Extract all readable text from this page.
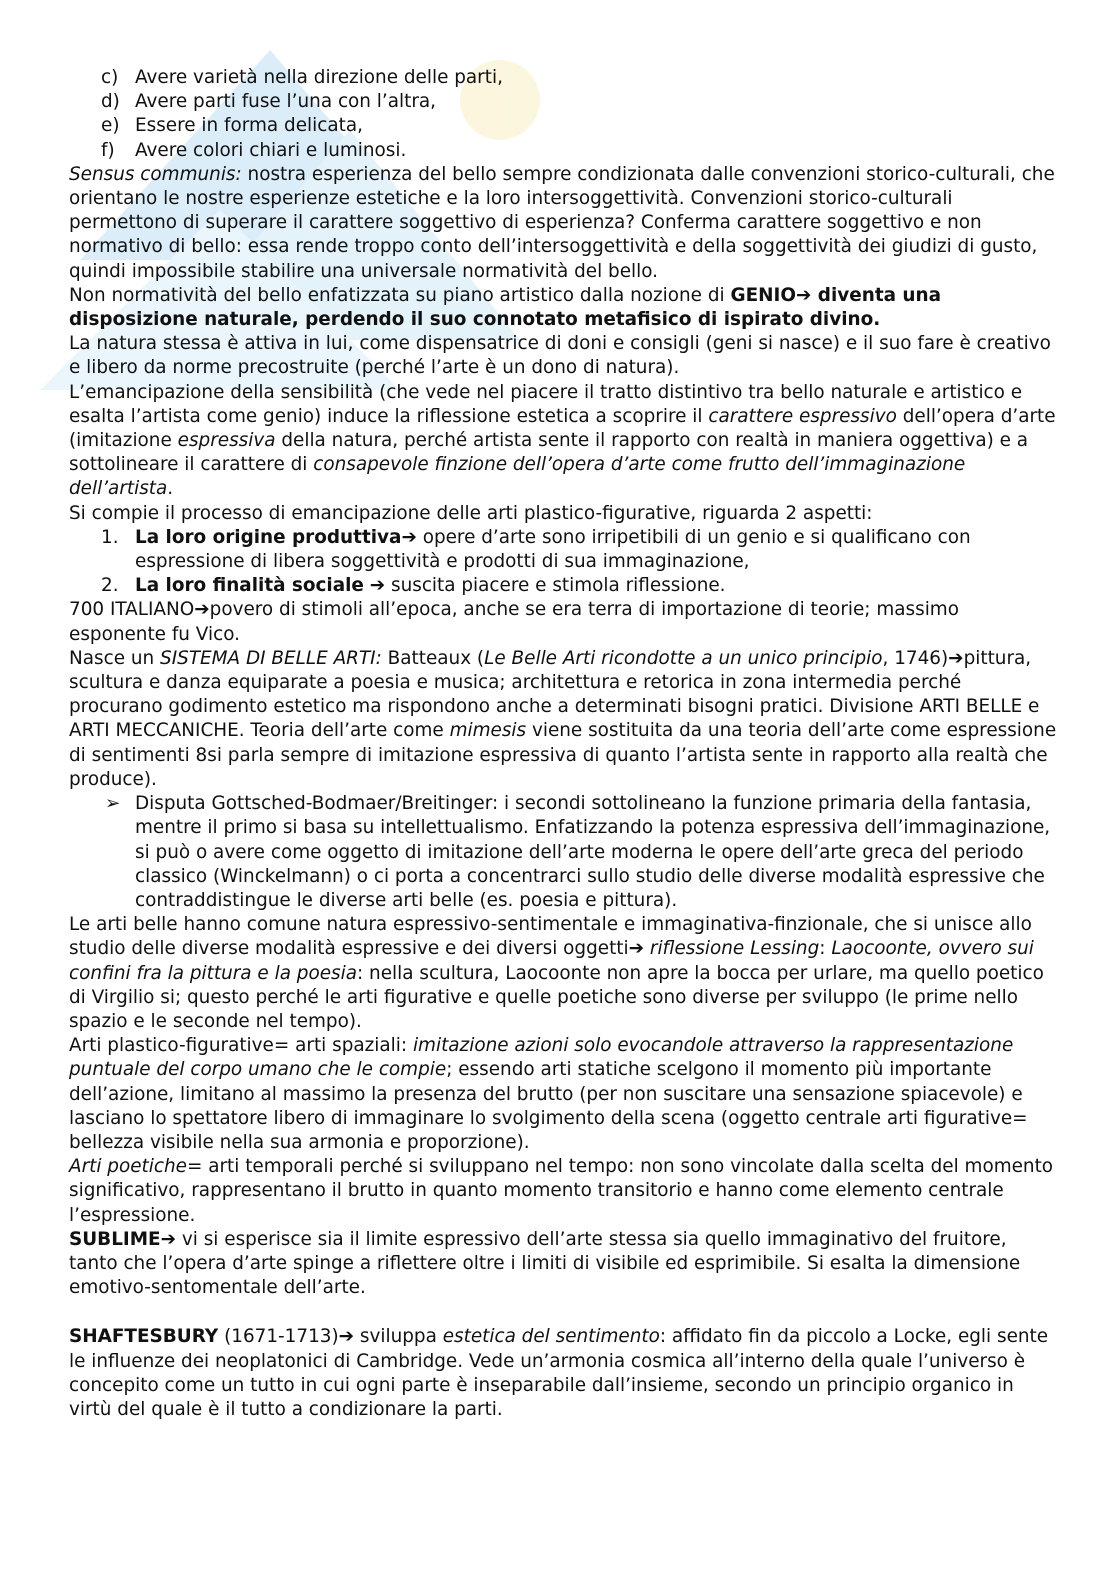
c) Avere varietà nella direzione delle parti,
d) Avere parti fuse l’una con l’altra,
e) Essere in forma delicata,
f) Avere colori chiari e luminosi.

Sensus communis: nostra esperienza del bello sempre condizionata dalle convenzioni storico-culturali, che orientano le nostre esperienze estetiche e la loro intersoggettività. Convenzioni storico-culturali permettono di superare il carattere soggettivo di esperienza? Conferma carattere soggettivo e non normativo di bello: essa rende troppo conto dell’intersoggettività e della soggettività dei giudizi di gusto, quindi impossibile stabilire una universale normatività del bello.

Non normatività del bello enfatizzata su piano artistico dalla nozione di GENIO➔ diventa una disposizione naturale, perdendo il suo connotato metafisico di ispirato divino.

La natura stessa è attiva in lui, come dispensatrice di doni e consigli (geni si nasce) e il suo fare è creativo e libero da norme precostruite (perché l’arte è un dono di natura).

L’emancipazione della sensibilità (che vede nel piacere il tratto distintivo tra bello naturale e artistico e esalta l’artista come genio) induce la riflessione estetica a scoprire il carattere espressivo dell’opera d’arte (imitazione espressiva della natura, perché artista sente il rapporto con realtà in maniera oggettiva) e a sottolineare il carattere di consapevole finzione dell’opera d’arte come frutto dell’immaginazione dell’artista.

Si compie il processo di emancipazione delle arti plastico-figurative, riguarda 2 aspetti:

1. La loro origine produttiva➔ opere d’arte sono irripetibili di un genio e si qualificano con espressione di libera soggettività e prodotti di sua immaginazione,
2. La loro finalità sociale ➔ suscita piacere e stimola riflessione.

700 ITALIANO➔povero di stimoli all’epoca, anche se era terra di importazione di teorie; massimo esponente fu Vico.

Nasce un SISTEMA DI BELLE ARTI: Batteaux (Le Belle Arti ricondotte a un unico principio, 1746)➔pittura, scultura e danza equiparate a poesia e musica; architettura e retorica in zona intermedia perché procurano godimento estetico ma rispondono anche a determinati bisogni pratici. Divisione ARTI BELLE e ARTI MECCANICHE. Teoria dell’arte come mimesis viene sostituita da una teoria dell’arte come espressione di sentimenti 8si parla sempre di imitazione espressiva di quanto l’artista sente in rapporto alla realtà che produce).

➢ Disputa Gottsched-Bodmaer/Breitinger: i secondi sottolineano la funzione primaria della fantasia, mentre il primo si basa su intellettualismo. Enfatizzando la potenza espressiva dell’immaginazione, si può o avere come oggetto di imitazione dell’arte moderna le opere dell’arte greca del periodo classico (Winckelmann) o ci porta a concentrarci sullo studio delle diverse modalità espressive che contraddistingue le diverse arti belle (es. poesia e pittura).

Le arti belle hanno comune natura espressivo-sentimentale e immaginativa-finzionale, che si unisce allo studio delle diverse modalità espressive e dei diversi oggetti➔ riflessione Lessing: Laocoonte, ovvero sui confini fra la pittura e la poesia: nella scultura, Laocoonte non apre la bocca per urlare, ma quello poetico di Virgilio si; questo perché le arti figurative e quelle poetiche sono diverse per sviluppo (le prime nello spazio e le seconde nel tempo).

Arti plastico-figurative= arti spaziali: imitazione azioni solo evocandole attraverso la rappresentazione puntuale del corpo umano che le compie; essendo arti statiche scelgono il momento più importante dell’azione, limitano al massimo la presenza del brutto (per non suscitare una sensazione spiacevole) e lasciano lo spettatore libero di immaginare lo svolgimento della scena (oggetto centrale arti figurative= bellezza visibile nella sua armonia e proporzione).

Arti poetiche= arti temporali perché si sviluppano nel tempo: non sono vincolate dalla scelta del momento significativo, rappresentano il brutto in quanto momento transitorio e hanno come elemento centrale l’espressione.

SUBLIME➔ vi si esperisce sia il limite espressivo dell’arte stessa sia quello immaginativo del fruitore, tanto che l’opera d’arte spinge a riflettere oltre i limiti di visibile ed esprimibile. Si esalta la dimensione emotivo-sentomentale dell’arte.

SHAFTESBURY (1671-1713)➔ sviluppa estetica del sentimento: affidato fin da piccolo a Locke, egli sente le influenze dei neoplatonici di Cambridge. Vede un’armonia cosmica all’interno della quale l’universo è concepito come un tutto in cui ogni parte è inseparabile dall’insieme, secondo un principio organico in virtù del quale è il tutto a condizionare la parti.
